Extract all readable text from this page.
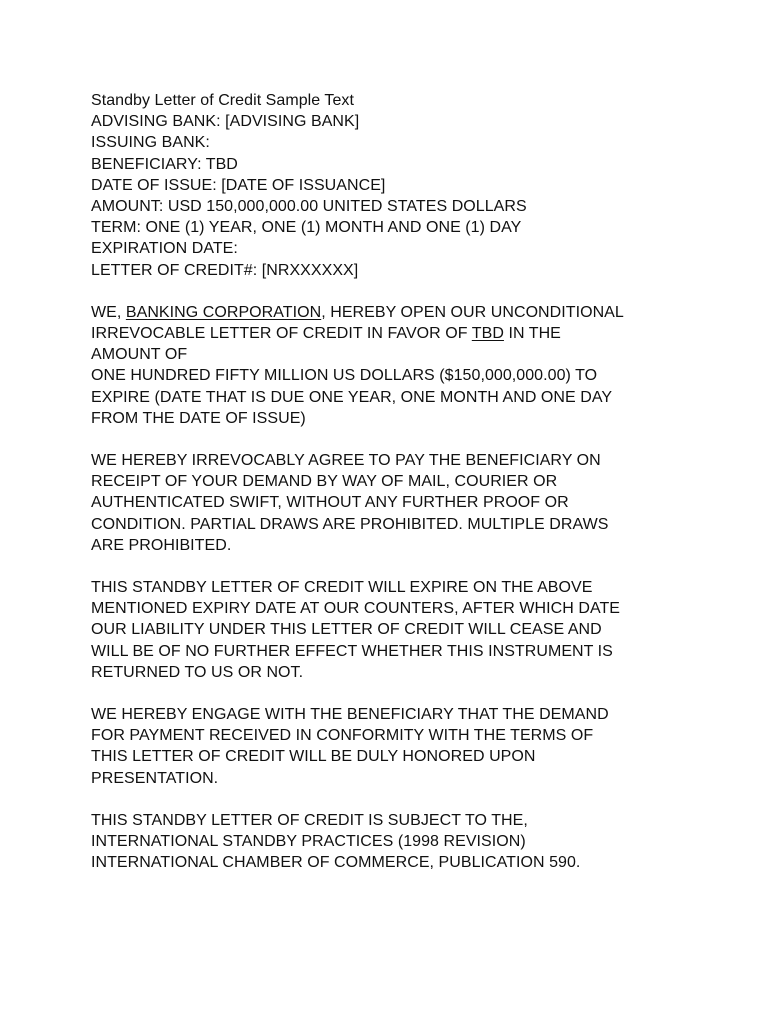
Standby Letter of Credit Sample Text
ADVISING BANK: [ADVISING BANK]
ISSUING BANK:
BENEFICIARY: TBD
DATE OF ISSUE: [DATE OF ISSUANCE]
AMOUNT: USD 150,000,000.00 UNITED STATES DOLLARS
TERM: ONE (1) YEAR, ONE (1) MONTH AND ONE (1) DAY
EXPIRATION DATE:
LETTER OF CREDIT#: [NRXXXXXX]
WE, BANKING CORPORATION, HEREBY OPEN OUR UNCONDITIONAL
IRREVOCABLE LETTER OF CREDIT IN FAVOR OF TBD IN THE
AMOUNT OF
ONE HUNDRED FIFTY MILLION US DOLLARS ($150,000,000.00) TO
EXPIRE (DATE THAT IS DUE ONE YEAR, ONE MONTH AND ONE DAY
FROM THE DATE OF ISSUE)
WE HEREBY IRREVOCABLY AGREE TO PAY THE BENEFICIARY ON
RECEIPT OF YOUR DEMAND BY WAY OF MAIL, COURIER OR
AUTHENTICATED SWIFT, WITHOUT ANY FURTHER PROOF OR
CONDITION. PARTIAL DRAWS ARE PROHIBITED. MULTIPLE DRAWS
ARE PROHIBITED.
THIS STANDBY LETTER OF CREDIT WILL EXPIRE ON THE ABOVE
MENTIONED EXPIRY DATE AT OUR COUNTERS, AFTER WHICH DATE
OUR LIABILITY UNDER THIS LETTER OF CREDIT WILL CEASE AND
WILL BE OF NO FURTHER EFFECT WHETHER THIS INSTRUMENT IS
RETURNED TO US OR NOT.
WE HEREBY ENGAGE WITH THE BENEFICIARY THAT THE DEMAND
FOR PAYMENT RECEIVED IN CONFORMITY WITH THE TERMS OF
THIS LETTER OF CREDIT WILL BE DULY HONORED UPON
PRESENTATION.
THIS STANDBY LETTER OF CREDIT IS SUBJECT TO THE,
INTERNATIONAL STANDBY PRACTICES (1998 REVISION)
INTERNATIONAL CHAMBER OF COMMERCE, PUBLICATION 590.
